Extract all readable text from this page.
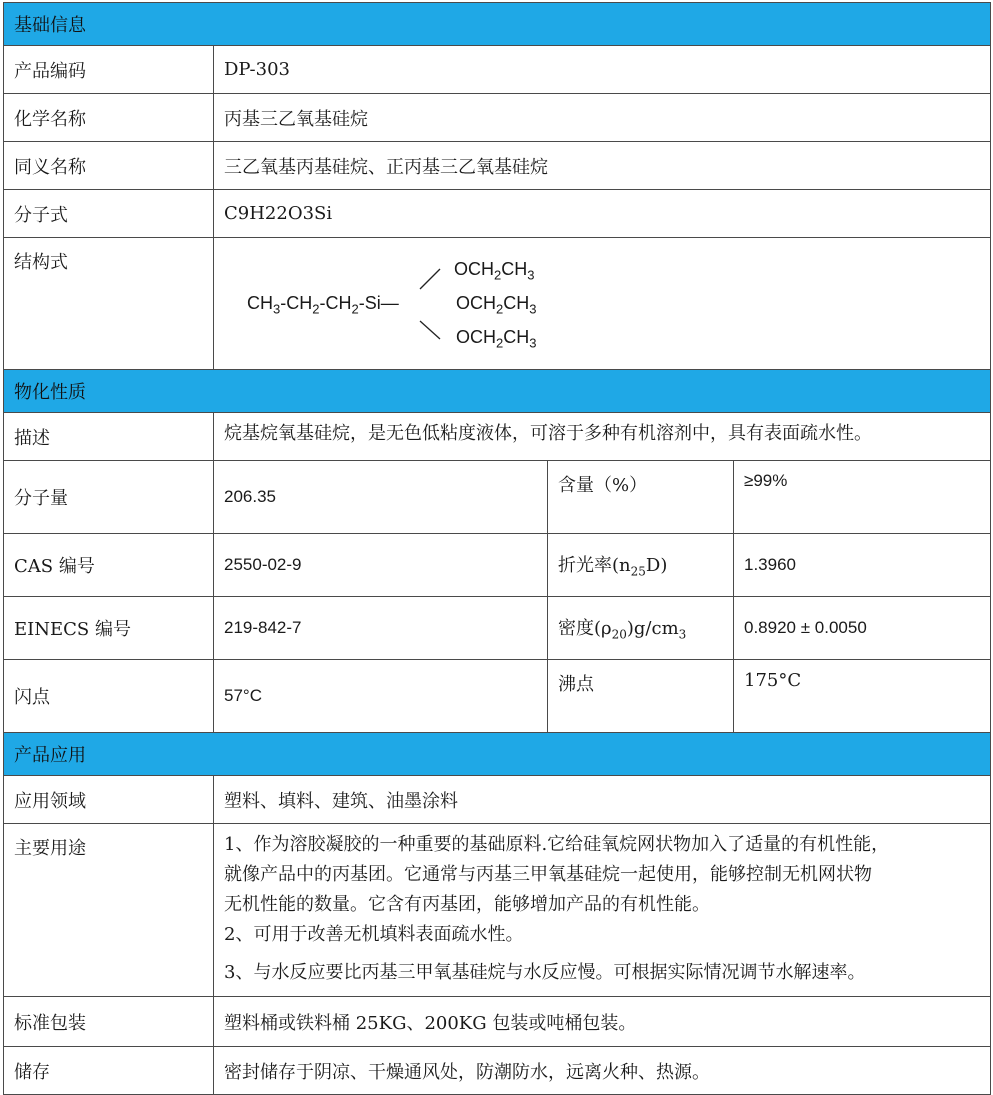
基础信息			
产品编码	DP-303		
化学名称	丙基三乙氧基硅烷		
同义名称	三乙氧基丙基硅烷、正丙基三乙氧基硅烷		
分子式	C9H22O3Si		
结构式	$CH_3-CH_2-CH_2-Si—$
$OCH_2CH_3$
$OCH_2CH_3$
$OCH_2CH_3$

物化性质			
描述	烷基烷氧基硅烷，是无色低粘度液体，可溶于多种有机溶剂中，具有表面疏水性。		
分子量	206.35	含量（%）	≥99%
CAS 编号	2550-02-9	折光率$(n_{25}D)$	1.3960
EINECS 编号	219-842-7	密度$(\rho_{20})g/cm_3$	0.8920 ± 0.0050
闪点	57°C	沸点	175°C
产品应用			
应用领域	塑料、填料、建筑、油墨涂料		
主要用途	1、作为溶胶凝胶的一种重要的基础原料.它给硅氧烷网状物加入了适量的有机性能，

就像产品中的丙基团。它通常与丙基三甲氧基硅烷一起使用，能够控制无机网状物

无机性能的数量。它含有丙基团，能够增加产品的有机性能。

2、可用于改善无机填料表面疏水性。

3、与水反应要比丙基三甲氧基硅烷与水反应慢。可根据实际情况调节水解速率。		

标准包装	塑料桶或铁料桶 25KG、200KG 包装或吨桶包装。		
储存	密封储存于阴凉、干燥通风处，防潮防水，远离火种、热源。		
